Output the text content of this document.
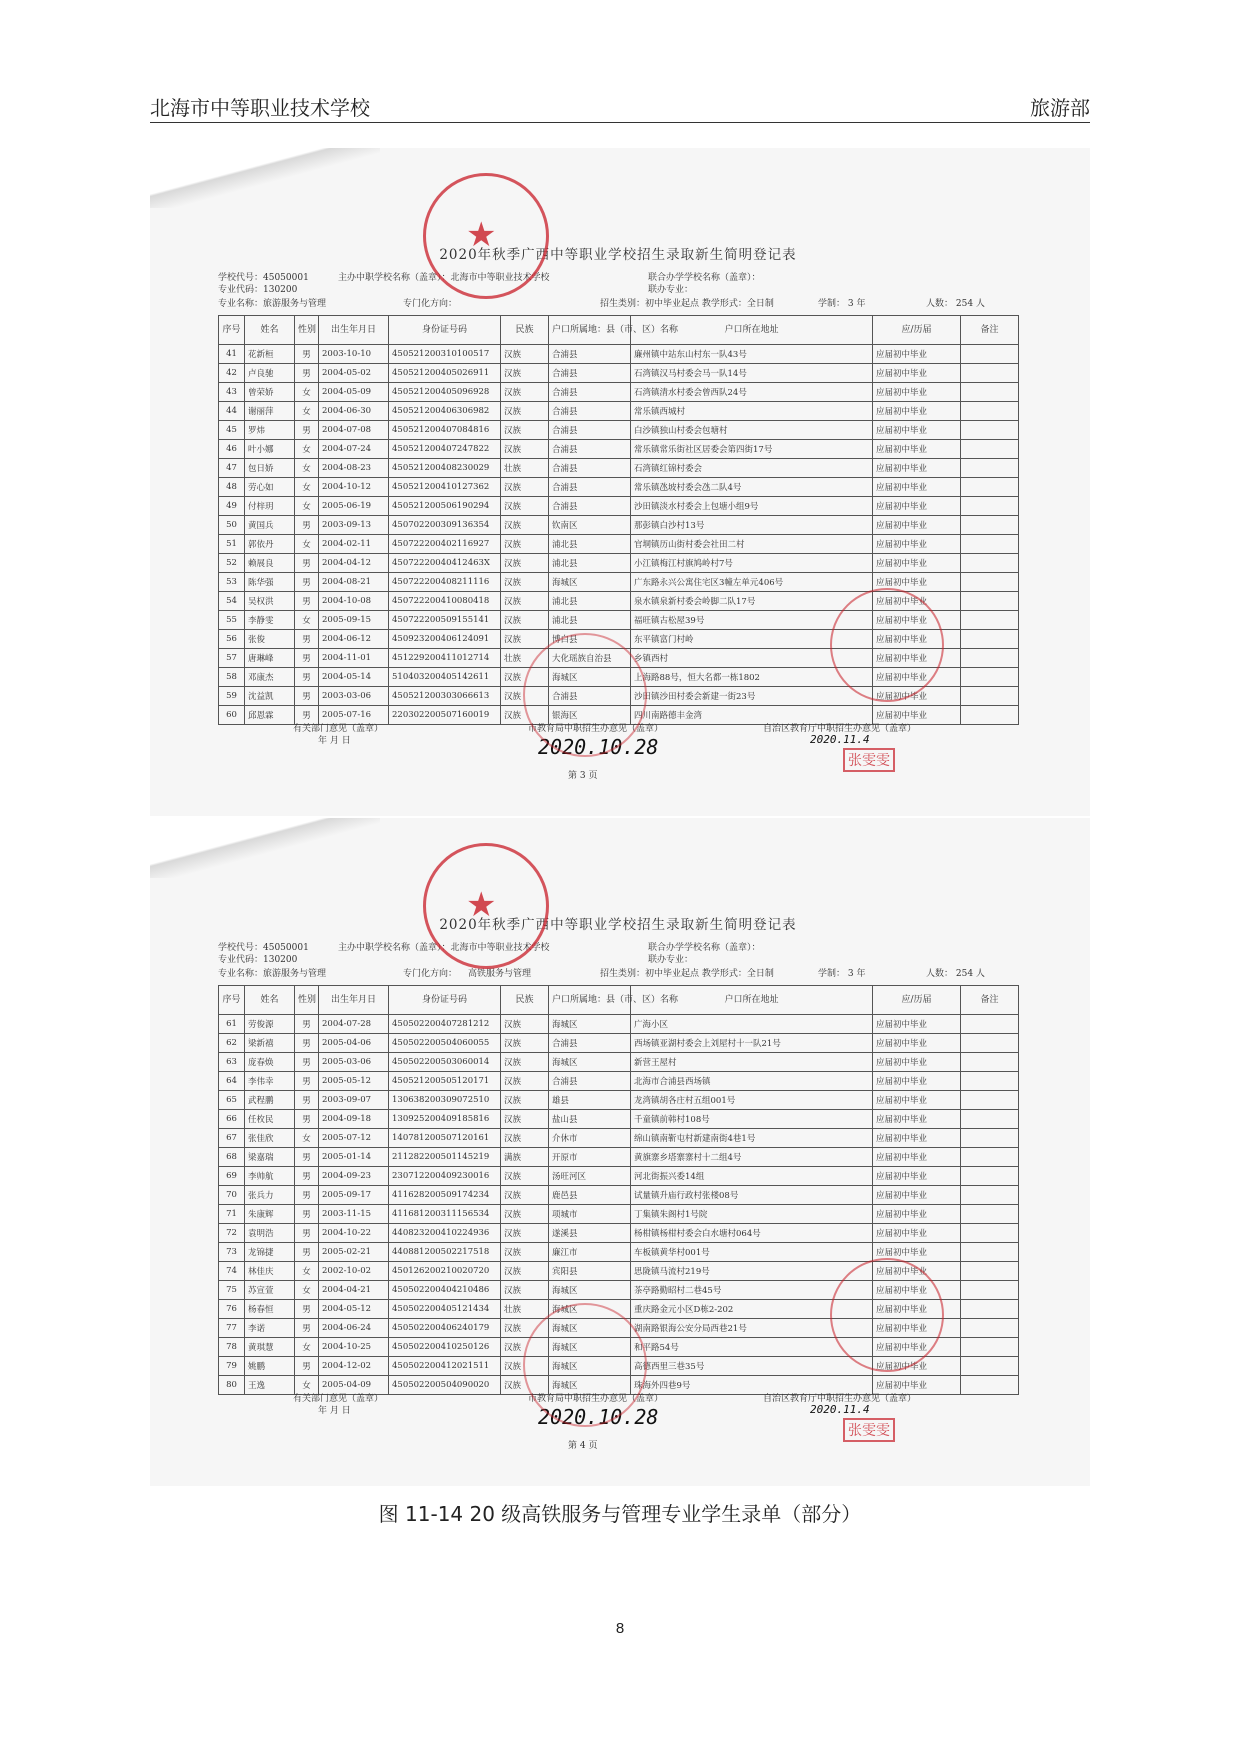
北海市中等职业技术学校	旅游部
2020年秋季广西中等职业学校招生录取新生简明登记表
学校代号：45050001
专业代码：130200
专业名称：旅游服务与管理
主办中职学校名称（盖章）：北海市中等职业技术学校
专门化方向：
联合办学学校名称（盖章）：
联办专业：
招生类别：初中毕业起点 教学形式：全日制	学制： 3 年	人数： 254 人
序号	姓名	性别	出生年月日	身份证号码	民族	户口所属地：县（市、区）名称	户口所在地址	应/历届	备注
41	花新桓	男	2003-10-10	450521200310100517	汉族	合浦县	廉州镇中站东山村东一队43号	应届初中毕业	
42	卢良驰	男	2004-05-02	450521200405026911	汉族	合浦县	石湾镇汉马村委会马一队14号	应届初中毕业	
43	曾荣娇	女	2004-05-09	450521200405096928	汉族	合浦县	石湾镇清水村委会曾西队24号	应届初中毕业	
44	谢丽萍	女	2004-06-30	450521200406306982	汉族	合浦县	常乐镇西城村	应届初中毕业	
45	罗炜	男	2004-07-08	450521200407084816	汉族	合浦县	白沙镇独山村委会包塘村	应届初中毕业	
46	叶小娜	女	2004-07-24	450521200407247822	汉族	合浦县	常乐镇常乐街社区居委会第四街17号	应届初中毕业	
47	包日娇	女	2004-08-23	450521200408230029	壮族	合浦县	石湾镇红锦村委会	应届初中毕业	
48	劳心如	女	2004-10-12	450521200410127362	汉族	合浦县	常乐镇氹坡村委会氹二队4号	应届初中毕业	
49	付梓玥	女	2005-06-19	450521200506190294	汉族	合浦县	沙田镇淡水村委会上包塘小组9号	应届初中毕业	
50	黄国兵	男	2003-09-13	450702200309136354	汉族	钦南区	那彭镇白沙村13号	应届初中毕业	
51	郭依丹	女	2004-02-11	450722200402116927	汉族	浦北县	官垌镇历山街村委会社田二村	应届初中毕业	
52	赖展良	男	2004-04-12	45072220040412463X	汉族	浦北县	小江镇梅江村旗鸠岭村7号	应届初中毕业	
53	陈华强	男	2004-08-21	450722200408211116	汉族	海城区	广东路永兴公寓住宅区3幢左单元406号	应届初中毕业	
54	吴权洪	男	2004-10-08	450722200410080418	汉族	浦北县	泉水镇泉新村委会岭脚二队17号	应届初中毕业	
55	李静雯	女	2005-09-15	450722200509155141	汉族	浦北县	福旺镇古松屋39号	应届初中毕业	
56	张俊	男	2004-06-12	450923200406124091	汉族	博白县	东平镇富门村岭	应届初中毕业	
57	唐琳峰	男	2004-11-01	451229200411012714	壮族	大化瑶族自治县	乡镇西村	应届初中毕业	
58	邓康杰	男	2004-05-14	510403200405142611	汉族	海城区	上海路88号，恒大名都一栋1802	应届初中毕业	
59	沈益凯	男	2003-03-06	450521200303066613	汉族	合浦县	沙田镇沙田村委会新建一街23号	应届初中毕业	
60	邱恩霖	男	2005-07-16	220302200507160019	汉族	银海区	四川南路德丰金湾	应届初中毕业	
有关部门意见（盖章）
年 月 日
市教育局中职招生办意见（盖章）	自治区教育厅中职招生办意见（盖章）
第 3 页
2020.10.28	2020.11.4
张雯雯
★
2020年秋季广西中等职业学校招生录取新生简明登记表
学校代号：45050001
专业代码：130200
专业名称：旅游服务与管理
主办中职学校名称（盖章）：北海市中等职业技术学校
专门化方向： 高铁服务与管理
联合办学学校名称（盖章）：
联办专业：
招生类别：初中毕业起点 教学形式：全日制	学制： 3 年	人数： 254 人
序号	姓名	性别	出生年月日	身份证号码	民族	户口所属地：县（市、区）名称	户口所在地址	应/历届	备注
61	劳俊源	男	2004-07-28	450502200407281212	汉族	海城区	广海小区	应届初中毕业	
62	梁新禧	男	2005-04-06	450502200504060055	汉族	合浦县	西场镇亚湖村委会上刘屋村十一队21号	应届初中毕业	
63	庞春焕	男	2005-03-06	450502200503060014	汉族	海城区	新营王屋村	应届初中毕业	
64	李伟幸	男	2005-05-12	450521200505120171	汉族	合浦县	北海市合浦县西场镇	应届初中毕业	
65	武程鹏	男	2003-09-07	130638200309072510	汉族	雄县	龙湾镇胡各庄村五组001号	应届初中毕业	
66	任枚民	男	2004-09-18	130925200409185816	汉族	盐山县	千童镇前韩村108号	应届初中毕业	
67	张佳欣	女	2005-07-12	140781200507120161	汉族	介休市	绵山镇南靳屯村新建南街4巷1号	应届初中毕业	
68	梁嘉瑞	男	2005-01-14	211282200501145219	满族	开原市	黄旗寨乡塔寨寨村十二组4号	应届初中毕业	
69	李帅航	男	2004-09-23	230712200409230016	汉族	汤旺河区	河北街振兴委14组	应届初中毕业	
70	张兵力	男	2005-09-17	411628200509174234	汉族	鹿邑县	试量镇升庙行政村张楼08号	应届初中毕业	
71	朱康辉	男	2003-11-15	411681200311156534	汉族	项城市	丁集镇朱阁村1号院	应届初中毕业	
72	袁明浩	男	2004-10-22	440823200410224936	汉族	遂溪县	杨柑镇杨柑村委会白水塘村064号	应届初中毕业	
73	龙锦捷	男	2005-02-21	440881200502217518	汉族	廉江市	车板镇黄华村001号	应届初中毕业	
74	林佳庆	女	2002-10-02	450126200210020720	汉族	宾阳县	思陇镇马流村219号	应届初中毕业	
75	苏宣萱	女	2004-04-21	450502200404210486	汉族	海城区	茶亭路勤昭村二巷45号	应届初中毕业	
76	杨春恒	男	2004-05-12	450502200405121434	壮族	海城区	重庆路金元小区D栋2-202	应届初中毕业	
77	李诺	男	2004-06-24	450502200406240179	汉族	海城区	湖南路银海公安分局西巷21号	应届初中毕业	
78	黄琪慧	女	2004-10-25	450502200410250126	汉族	海城区	和平路54号	应届初中毕业	
79	姚鹏	男	2004-12-02	450502200412021511	汉族	海城区	高德西里三巷35号	应届初中毕业	
80	王逸	女	2005-04-09	450502200504090020	汉族	海城区	珠海外四巷9号	应届初中毕业	
有关部门意见（盖章）
年 月 日
市教育局中职招生办意见（盖章）	自治区教育厅中职招生办意见（盖章）
第 4 页
2020.10.28	2020.11.4
张雯雯
★
图 11-14 20 级高铁服务与管理专业学生录单（部分）
8
